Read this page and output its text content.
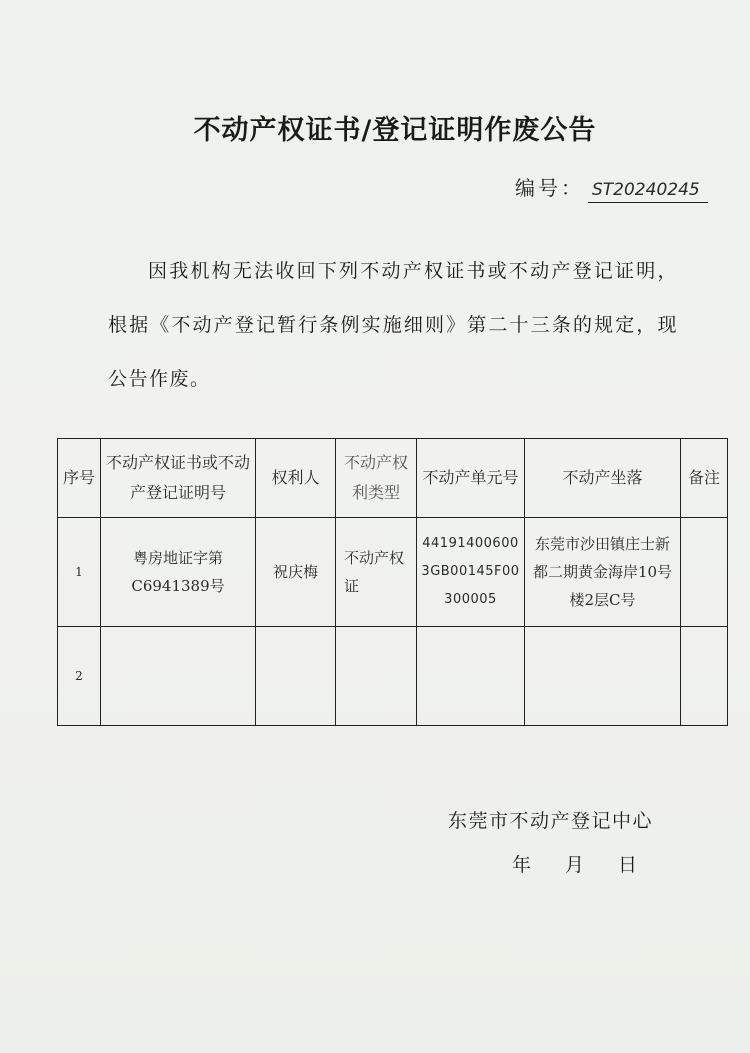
不动产权证书/登记证明作废公告
编号： ST20240245
因我机构无法收回下列不动产权证书或不动产登记证明，根据《不动产登记暂行条例实施细则》第二十三条的规定，现公告作废。
序号	不动产权证书或不动产登记证明号	权利人	不动产权利类型	不动产单元号	不动产坐落	备注
1	粤房地证字第C6941389号	祝庆梅	不动产权证	441914006003GB00145F00300005	东莞市沙田镇庄士新都二期黄金海岸10号楼2层C号	
2						
东莞市不动产登记中心
年 月 日
